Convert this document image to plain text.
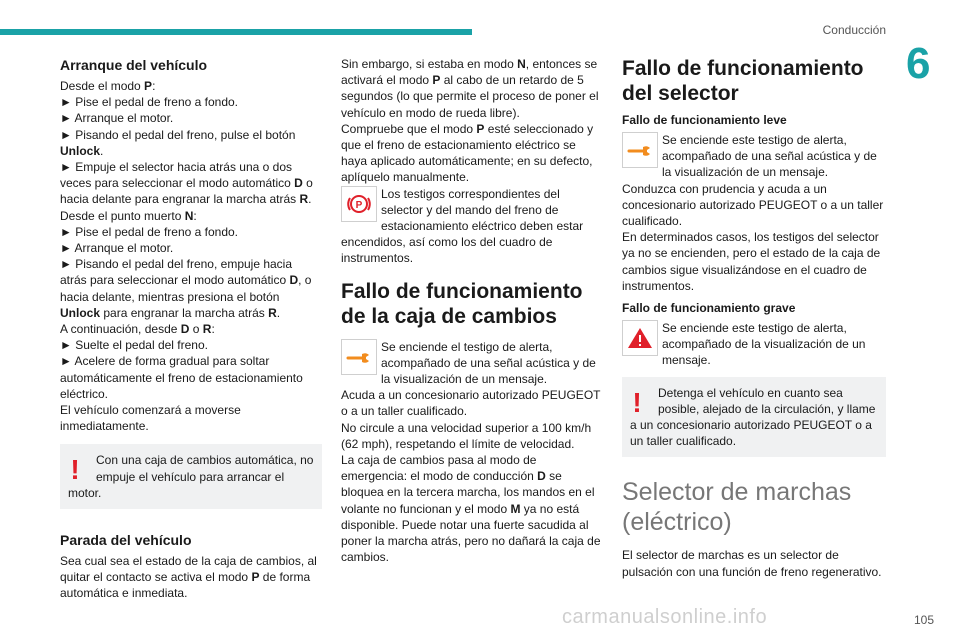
Conducción
6
Arranque del vehículo

Desde el modo P:
► Pise el pedal de freno a fondo.
► Arranque el motor.
► Pisando el pedal del freno, pulse el botón Unlock.
► Empuje el selector hacia atrás una o dos veces para seleccionar el modo automático D o hacia delante para engranar la marcha atrás R.
Desde el punto muerto N:
► Pise el pedal de freno a fondo.
► Arranque el motor.
► Pisando el pedal del freno, empuje hacia atrás para seleccionar el modo automático D, o hacia delante, mientras presiona el botón Unlock para engranar la marcha atrás R.
A continuación, desde D o R:
► Suelte el pedal del freno.
► Acelere de forma gradual para soltar automáticamente el freno de estacionamiento eléctrico.
El vehículo comenzará a moverse inmediatamente.

!	Con una caja de cambios automática, no empuje el vehículo para arrancar el motor.

Parada del vehículo

Sea cual sea el estado de la caja de cambios, al quitar el contacto se activa el modo P de forma automática e inmediata.

Sin embargo, si estaba en modo N, entonces se activará el modo P al cabo de un retardo de 5 segundos (lo que permite el proceso de poner el vehículo en modo de rueda libre).
Compruebe que el modo P esté seleccionado y que el freno de estacionamiento eléctrico se haya aplicado automáticamente; en su defecto, aplíquelo manualmente.

P

Los testigos correspondientes del selector y del mando del freno de estacionamiento eléctrico deben estar encendidos, así como los del cuadro de instrumentos.

Fallo de funcionamiento de la caja de cambios

Se enciende el testigo de alerta, acompañado de una señal acústica y de la visualización de un mensaje.
Acuda a un concesionario autorizado PEUGEOT o a un taller cualificado.
No circule a una velocidad superior a 100 km/h (62 mph), respetando el límite de velocidad.
La caja de cambios pasa al modo de emergencia: el modo de conducción D se bloquea en la tercera marcha, los mandos en el volante no funcionan y el modo M ya no está disponible. Puede notar una fuerte sacudida al poner la marcha atrás, pero no dañará la caja de cambios.

Fallo de funcionamiento del selector
Fallo de funcionamiento leve

Se enciende este testigo de alerta, acompañado de una señal acústica y de la visualización de un mensaje.
Conduzca con prudencia y acuda a un concesionario autorizado PEUGEOT o a un taller cualificado.
En determinados casos, los testigos del selector ya no se encienden, pero el estado de la caja de cambios sigue visualizándose en el cuadro de instrumentos.

Fallo de funcionamiento grave

Se enciende este testigo de alerta, acompañado de la visualización de un mensaje.

!	Detenga el vehículo en cuanto sea posible, alejado de la circulación, y llame a un concesionario autorizado PEUGEOT o a un taller cualificado.

Selector de marchas (eléctrico)

El selector de marchas es un selector de pulsación con una función de freno regenerativo.

carmanualsonline.info	105
